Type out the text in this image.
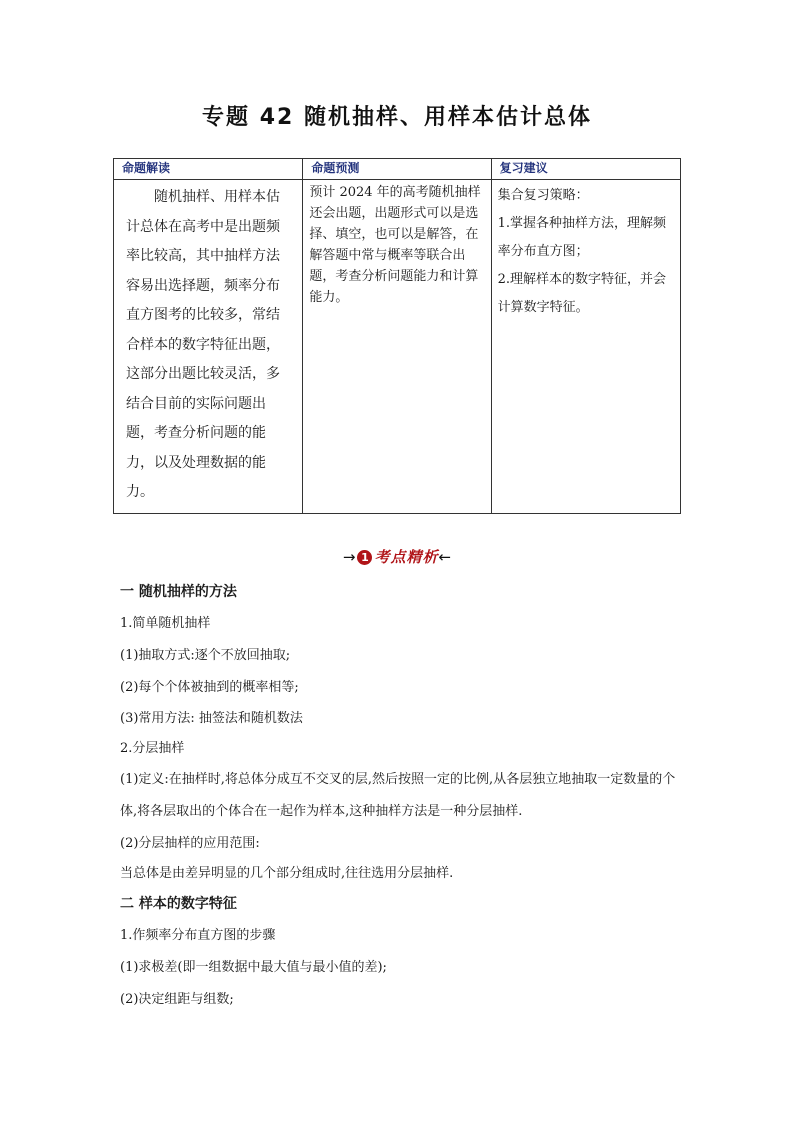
专题 42 随机抽样、用样本估计总体
命题解读	命题预测	复习建议
随机抽样、用样本估计总体在高考中是出题频率比较高，其中抽样方法容易出选择题，频率分布直方图考的比较多，常结合样本的数字特征出题，这部分出题比较灵活，多结合目前的实际问题出题，考查分析问题的能力，以及处理数据的能力。	预计 2024 年的高考随机抽样还会出题，出题形式可以是选择、填空，也可以是解答，在解答题中常与概率等联合出题，考查分析问题能力和计算能力。	集合复习策略：

1.掌握各种抽样方法，理解频率分布直方图；

2.理解样本的数字特征，并会计算数字特征。

→ 1 考点精析←
一 随机抽样的方法
1.简单随机抽样
(1)抽取方式:逐个不放回抽取;
(2)每个个体被抽到的概率相等;
(3)常用方法: 抽签法和随机数法
2.分层抽样
(1)定义:在抽样时,将总体分成互不交叉的层,然后按照一定的比例,从各层独立地抽取一定数量的个体,将各层取出的个体合在一起作为样本,这种抽样方法是一种分层抽样.
(2)分层抽样的应用范围:
当总体是由差异明显的几个部分组成时,往往选用分层抽样.
二 样本的数字特征
1.作频率分布直方图的步骤
(1)求极差(即一组数据中最大值与最小值的差);
(2)决定组距与组数;
